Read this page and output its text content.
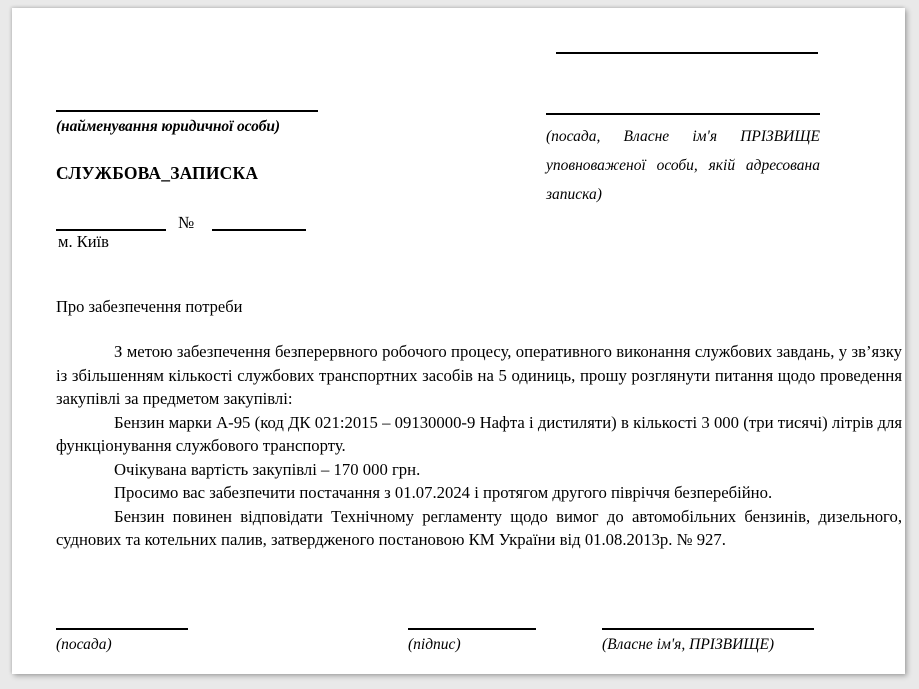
(найменування юридичної особи)
СЛУЖБОВА_ЗАПИСКА
№
м. Київ
(посада, Власне ім'я ПРІЗВИЩЕ уповноваженої особи, якій адресована записка)
Про забезпечення потреби

З метою забезпечення безперервного робочого процесу, оперативного виконання службових завдань, у зв’язку із збільшенням кількості службових транспортних засобів на 5 одиниць, прошу розглянути питання щодо проведення закупівлі за предметом закупівлі:

Бензин марки А-95 (код ДК 021:2015 – 09130000-9 Нафта і дистиляти) в кількості 3 000 (три тисячі) літрів для функціонування службового транспорту.

Очікувана вартість закупівлі – 170 000 грн.

Просимо вас забезпечити постачання з 01.07.2024 і протягом другого півріччя безперебійно.

Бензин повинен відповідати Технічному регламенту щодо вимог до автомобільних бензинів, дизельного, суднових та котельних палив, затвердженого постановою КМ України від 01.08.2013р. № 927.

(посада)	(підпис)	(Власне ім'я, ПРІЗВИЩЕ)
